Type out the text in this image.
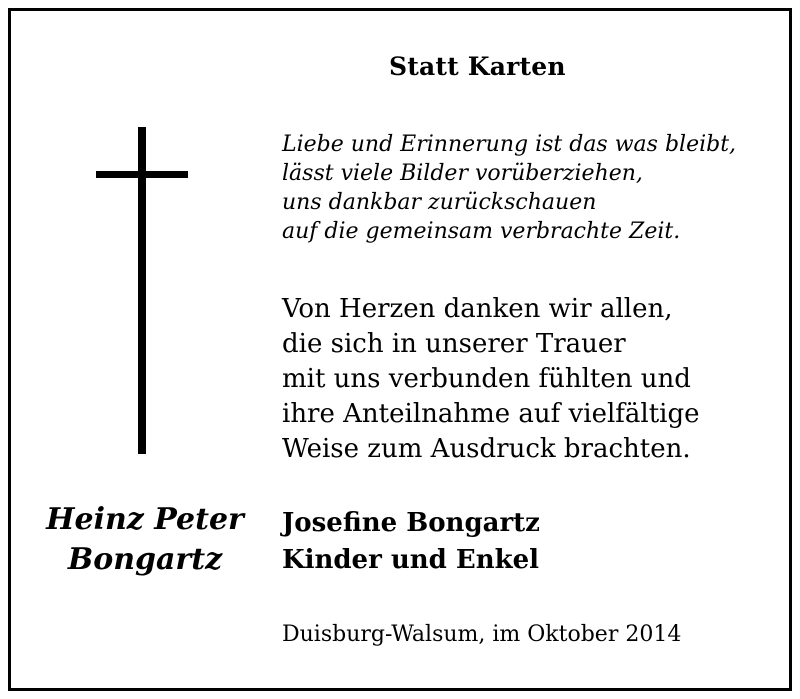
Statt Karten
Liebe und Erinnerung ist das was bleibt,
lässt viele Bilder vorüberziehen,
uns dankbar zurückschauen
auf die gemeinsam verbrachte Zeit.
Von Herzen danken wir allen,
die sich in unserer Trauer
mit uns verbunden fühlten und
ihre Anteilnahme auf vielfältige
Weise zum Ausdruck brachten.
Heinz Peter
Bongartz
Josefine Bongartz
Kinder und Enkel
Duisburg-Walsum, im Oktober 2014
